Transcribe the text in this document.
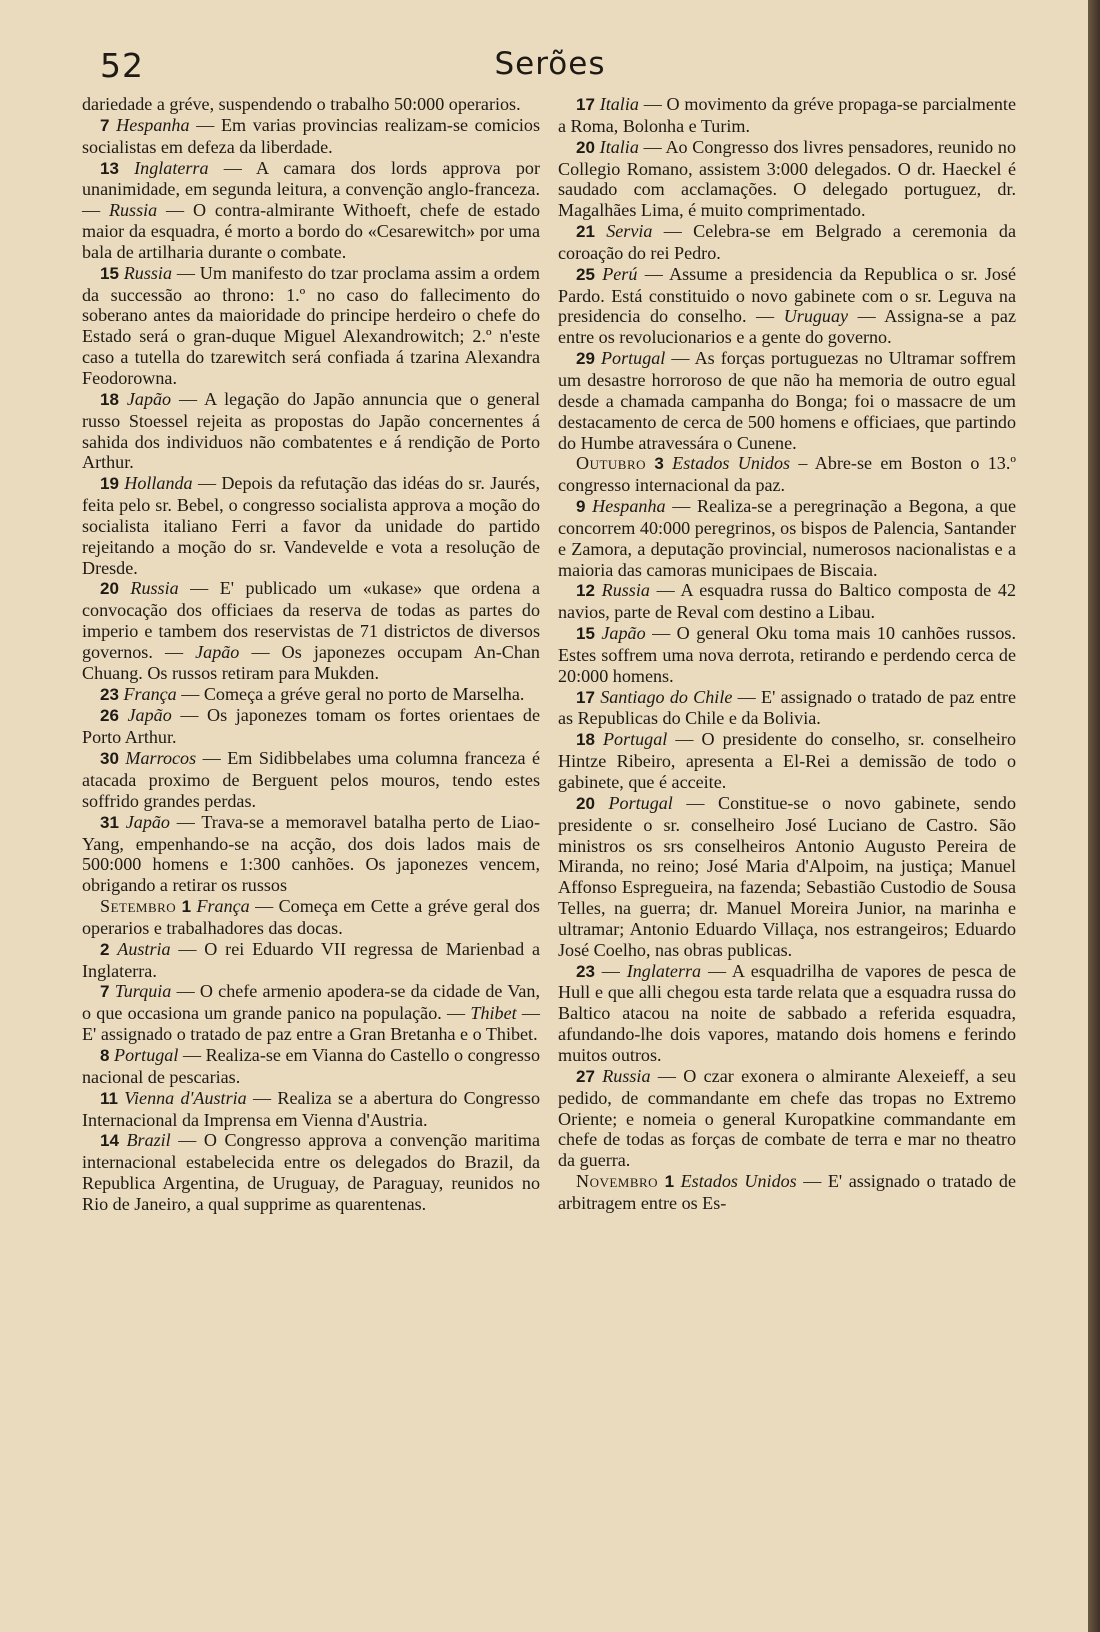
52	Serões

dariedade a gréve, suspendendo o trabalho 50:000 operarios.

7 Hespanha — Em varias provincias realizam-se comicios socialistas em defeza da liberdade.

13 Inglaterra — A camara dos lords approva por unanimidade, em segunda leitura, a convenção anglo-franceza. — Russia — O contra-almirante Withoeft, chefe de estado maior da esquadra, é morto a bordo do «Cesarewitch» por uma bala de artilharia durante o combate.

15 Russia — Um manifesto do tzar proclama assim a ordem da successão ao throno: 1.º no caso do fallecimento do soberano antes da maioridade do principe herdeiro o chefe do Estado será o gran-duque Miguel Alexandrowitch; 2.º n'este caso a tutella do tzarewitch será confiada á tzarina Alexandra Feodorowna.

18 Japão — A legação do Japão annuncia que o general russo Stoessel rejeita as propostas do Japão concernentes á sahida dos individuos não combatentes e á rendição de Porto Arthur.

19 Hollanda — Depois da refutação das idéas do sr. Jaurés, feita pelo sr. Bebel, o congresso socialista approva a moção do socialista italiano Ferri a favor da unidade do partido rejeitando a moção do sr. Vandevelde e vota a resolução de Dresde.

20 Russia — E' publicado um «ukase» que ordena a convocação dos officiaes da reserva de todas as partes do imperio e tambem dos reservistas de 71 districtos de diversos governos. — Japão — Os japonezes occupam An-Chan Chuang. Os russos retiram para Mukden.

23 França — Começa a gréve geral no porto de Marselha.

26 Japão — Os japonezes tomam os fortes orientaes de Porto Arthur.

30 Marrocos — Em Sidibbelabes uma columna franceza é atacada proximo de Berguent pelos mouros, tendo estes soffrido grandes perdas.

31 Japão — Trava-se a memoravel batalha perto de Liao-Yang, empenhando-se na acção, dos dois lados mais de 500:000 homens e 1:300 canhões. Os japonezes vencem, obrigando a retirar os russos

Setembro 1 França — Começa em Cette a gréve geral dos operarios e trabalhadores das docas.

2 Austria — O rei Eduardo VII regressa de Marienbad a Inglaterra.

7 Turquia — O chefe armenio apodera-se da cidade de Van, o que occasiona um grande panico na população. — Thibet — E' assignado o tratado de paz entre a Gran Bretanha e o Thibet.

8 Portugal — Realiza-se em Vianna do Castello o congresso nacional de pescarias.

11 Vienna d'Austria — Realiza se a abertura do Congresso Internacional da Imprensa em Vienna d'Austria.

14 Brazil — O Congresso approva a convenção maritima internacional estabelecida entre os delegados do Brazil, da Republica Argentina, de Uruguay, de Paraguay, reunidos no Rio de Janeiro, a qual supprime as quarentenas.

17 Italia — O movimento da gréve propaga-se parcialmente a Roma, Bolonha e Turim.

20 Italia — Ao Congresso dos livres pensadores, reunido no Collegio Romano, assistem 3:000 delegados. O dr. Haeckel é saudado com acclamações. O delegado portuguez, dr. Magalhães Lima, é muito comprimentado.

21 Servia — Celebra-se em Belgrado a ceremonia da coroação do rei Pedro.

25 Perú — Assume a presidencia da Republica o sr. José Pardo. Está constituido o novo gabinete com o sr. Leguva na presidencia do conselho. — Uruguay — Assigna-se a paz entre os revolucionarios e a gente do governo.

29 Portugal — As forças portuguezas no Ultramar soffrem um desastre horroroso de que não ha memoria de outro egual desde a chamada campanha do Bonga; foi o massacre de um destacamento de cerca de 500 homens e officiaes, que partindo do Humbe atravessára o Cunene.

Outubro 3 Estados Unidos – Abre-se em Boston o 13.º congresso internacional da paz.

9 Hespanha — Realiza-se a peregrinação a Begona, a que concorrem 40:000 peregrinos, os bispos de Palencia, Santander e Zamora, a deputação provincial, numerosos nacionalistas e a maioria das camoras municipaes de Biscaia.

12 Russia — A esquadra russa do Baltico composta de 42 navios, parte de Reval com destino a Libau.

15 Japão — O general Oku toma mais 10 canhões russos. Estes soffrem uma nova derrota, retirando e perdendo cerca de 20:000 homens.

17 Santiago do Chile — E' assignado o tratado de paz entre as Republicas do Chile e da Bolivia.

18 Portugal — O presidente do conselho, sr. conselheiro Hintze Ribeiro, apresenta a El-Rei a demissão de todo o gabinete, que é acceite.

20 Portugal — Constitue-se o novo gabinete, sendo presidente o sr. conselheiro José Luciano de Castro. São ministros os srs conselheiros Antonio Augusto Pereira de Miranda, no reino; José Maria d'Alpoim, na justiça; Manuel Affonso Espregueira, na fazenda; Sebastião Custodio de Sousa Telles, na guerra; dr. Manuel Moreira Junior, na marinha e ultramar; Antonio Eduardo Villaça, nos estrangeiros; Eduardo José Coelho, nas obras publicas.

23 — Inglaterra — A esquadrilha de vapores de pesca de Hull e que alli chegou esta tarde relata que a esquadra russa do Baltico atacou na noite de sabbado a referida esquadra, afundando-lhe dois vapores, matando dois homens e ferindo muitos outros.

27 Russia — O czar exonera o almirante Alexeieff, a seu pedido, de commandante em chefe das tropas no Extremo Oriente; e nomeia o general Kuropatkine commandante em chefe de todas as forças de combate de terra e mar no theatro da guerra.

Novembro 1 Estados Unidos — E' assignado o tratado de arbitragem entre os Es-
